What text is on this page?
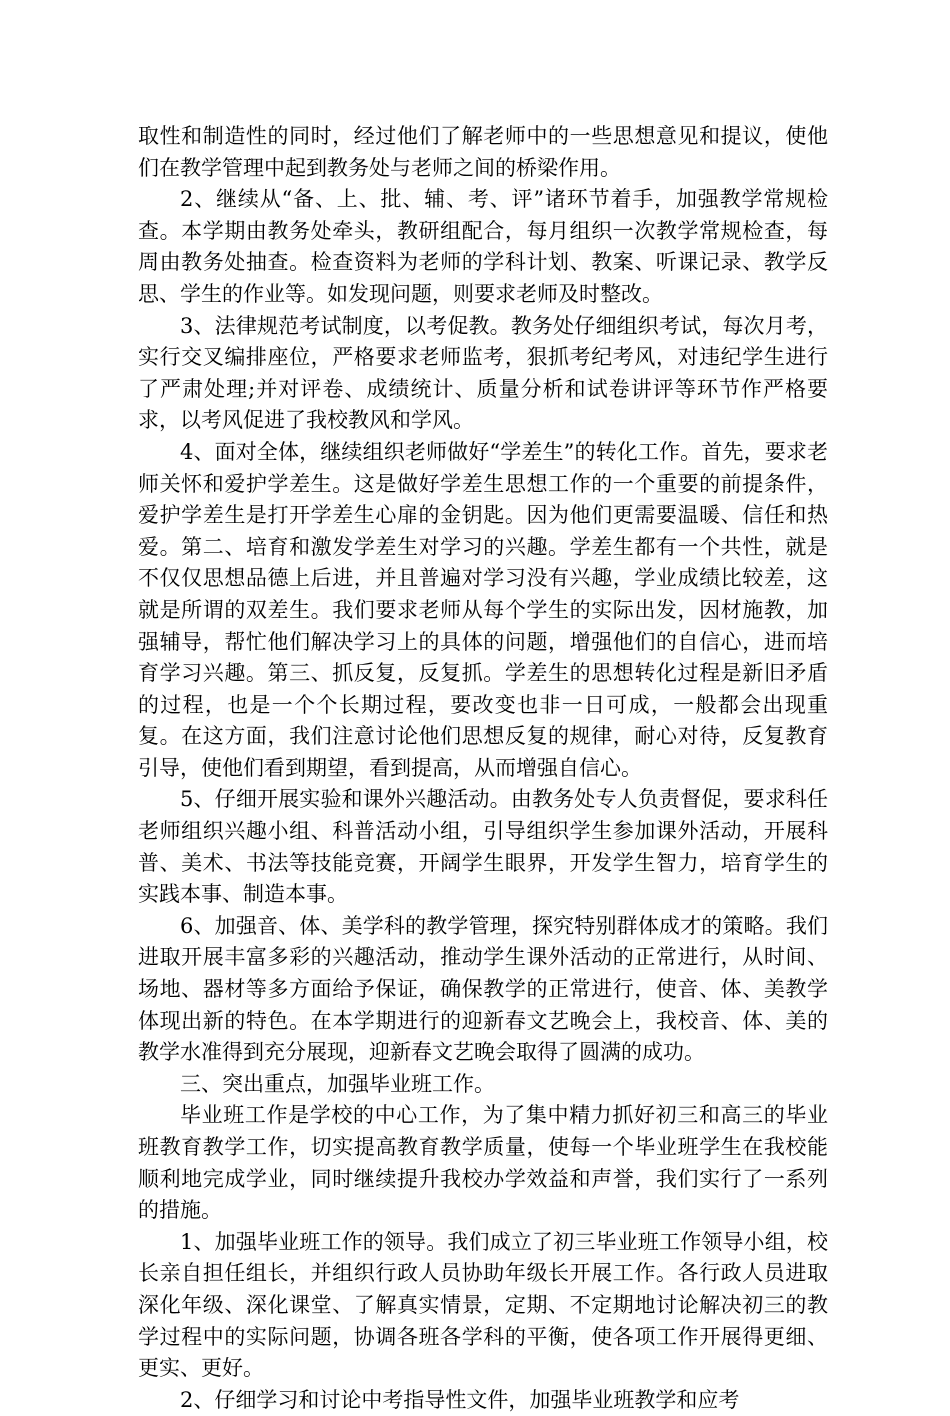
取性和制造性的同时，经过他们了解老师中的一些思想意见和提议，使他们在教学管理中起到教务处与老师之间的桥梁作用。

2、继续从“备、上、批、辅、考、评”诸环节着手，加强教学常规检查。本学期由教务处牵头，教研组配合，每月组织一次教学常规检查，每周由教务处抽查。检查资料为老师的学科计划、教案、听课记录、教学反思、学生的作业等。如发现问题，则要求老师及时整改。

3、法律规范考试制度，以考促教。教务处仔细组织考试，每次月考，实行交叉编排座位，严格要求老师监考，狠抓考纪考风，对违纪学生进行了严肃处理;并对评卷、成绩统计、质量分析和试卷讲评等环节作严格要求，以考风促进了我校教风和学风。

4、面对全体，继续组织老师做好“学差生”的转化工作。首先，要求老师关怀和爱护学差生。这是做好学差生思想工作的一个重要的前提条件，爱护学差生是打开学差生心扉的金钥匙。因为他们更需要温暖、信任和热爱。第二、培育和激发学差生对学习的兴趣。学差生都有一个共性，就是不仅仅思想品德上后进，并且普遍对学习没有兴趣，学业成绩比较差，这就是所谓的双差生。我们要求老师从每个学生的实际出发，因材施教，加强辅导，帮忙他们解决学习上的具体的问题，增强他们的自信心，进而培育学习兴趣。第三、抓反复，反复抓。学差生的思想转化过程是新旧矛盾的过程，也是一个个长期过程，要改变也非一日可成，一般都会出现重复。在这方面，我们注意讨论他们思想反复的规律，耐心对待，反复教育引导，使他们看到期望，看到提高，从而增强自信心。

5、仔细开展实验和课外兴趣活动。由教务处专人负责督促，要求科任老师组织兴趣小组、科普活动小组，引导组织学生参加课外活动，开展科普、美术、书法等技能竞赛，开阔学生眼界，开发学生智力，培育学生的实践本事、制造本事。

6、加强音、体、美学科的教学管理，探究特别群体成才的策略。我们进取开展丰富多彩的兴趣活动，推动学生课外活动的正常进行，从时间、场地、器材等多方面给予保证，确保教学的正常进行，使音、体、美教学体现出新的特色。在本学期进行的迎新春文艺晚会上，我校音、体、美的教学水准得到充分展现，迎新春文艺晚会取得了圆满的成功。

三、突出重点，加强毕业班工作。

毕业班工作是学校的中心工作，为了集中精力抓好初三和高三的毕业班教育教学工作，切实提高教育教学质量，使每一个毕业班学生在我校能顺利地完成学业，同时继续提升我校办学效益和声誉，我们实行了一系列的措施。

1、加强毕业班工作的领导。我们成立了初三毕业班工作领导小组，校长亲自担任组长，并组织行政人员协助年级长开展工作。各行政人员进取深化年级、深化课堂、了解真实情景，定期、不定期地讨论解决初三的教学过程中的实际问题，协调各班各学科的平衡，使各项工作开展得更细、更实、更好。

2、仔细学习和讨论中考指导性文件，加强毕业班教学和应考
